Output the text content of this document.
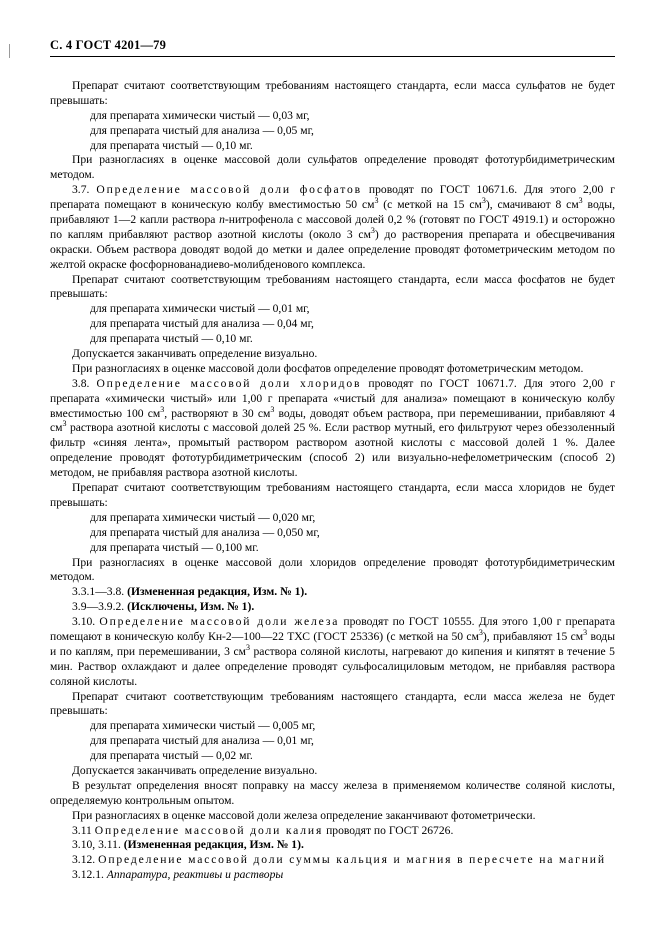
С. 4 ГОСТ 4201—79

Препарат считают соответствующим требованиям настоящего стандарта, если масса сульфатов не будет превышать:

для препарата химически чистый — 0,03 мг,

для препарата чистый для анализа — 0,05 мг,

для препарата чистый — 0,10 мг.

При разногласиях в оценке массовой доли сульфатов определение проводят фототурбидиметрическим методом.

3.7. Определение массовой доли фосфатов проводят по ГОСТ 10671.6. Для этого 2,00 г препарата помещают в коническую колбу вместимостью 50 $см^3$ (с меткой на 15 $см^3$), смачивают 8 $см^3$ воды, прибавляют 1—2 капли раствора n-нитрофенола с массовой долей 0,2 % (готовят по ГОСТ 4919.1) и осторожно по каплям прибавляют раствор азотной кислоты (около 3 $см^3$) до растворения препарата и обесцвечивания окраски. Объем раствора доводят водой до метки и далее определение проводят фотометрическим методом по желтой окраске фосфорнованадиево-молибденового комплекса.

Препарат считают соответствующим требованиям настоящего стандарта, если масса фосфатов не будет превышать:

для препарата химически чистый — 0,01 мг,

для препарата чистый для анализа — 0,04 мг,

для препарата чистый — 0,10 мг.

Допускается заканчивать определение визуально.

При разногласиях в оценке массовой доли фосфатов определение проводят фотометрическим методом.

3.8. Определение массовой доли хлоридов проводят по ГОСТ 10671.7. Для этого 2,00 г препарата «химически чистый» или 1,00 г препарата «чистый для анализа» помещают в коническую колбу вместимостью 100 $см^3$, растворяют в 30 $см^3$ воды, доводят объем раствора, при перемешивании, прибавляют 4 $см^3$ раствора азотной кислоты с массовой долей 25 %. Если раствор мутный, его фильтруют через обеззоленный фильтр «синяя лента», промытый раствором раствором азотной кислоты с массовой долей 1 %. Далее определение проводят фототурбидиметрическим (способ 2) или визуально-нефелометрическим (способ 2) методом, не прибавляя раствора азотной кислоты.

Препарат считают соответствующим требованиям настоящего стандарта, если масса хлоридов не будет превышать:

для препарата химически чистый — 0,020 мг,

для препарата чистый для анализа — 0,050 мг,

для препарата чистый — 0,100 мг.

При разногласиях в оценке массовой доли хлоридов определение проводят фототурбидиметрическим методом.

3.3.1—3.8. (Измененная редакция, Изм. № 1).

3.9—3.9.2. (Исключены, Изм. № 1).

3.10. Определение массовой доли железа проводят по ГОСТ 10555. Для этого 1,00 г препарата помещают в коническую колбу Кн-2—100—22 ТХС (ГОСТ 25336) (с меткой на 50 $см^3$), прибавляют 15 $см^3$ воды и по каплям, при перемешивании, 3 $см^3$ раствора соляной кислоты, нагревают до кипения и кипятят в течение 5 мин. Раствор охлаждают и далее определение проводят сульфосалициловым методом, не прибавляя раствора соляной кислоты.

Препарат считают соответствующим требованиям настоящего стандарта, если масса железа не будет превышать:

для препарата химически чистый — 0,005 мг,

для препарата чистый для анализа — 0,01 мг,

для препарата чистый — 0,02 мг.

Допускается заканчивать определение визуально.

В результат определения вносят поправку на массу железа в применяемом количестве соляной кислоты, определяемую контрольным опытом.

При разногласиях в оценке массовой доли железа определение заканчивают фотометрически.

3.11 Определение массовой доли калия проводят по ГОСТ 26726.

3.10, 3.11. (Измененная редакция, Изм. № 1).

3.12. Определение массовой доли суммы кальция и магния в пересчете на магний

3.12.1. Аппаратура, реактивы и растворы
